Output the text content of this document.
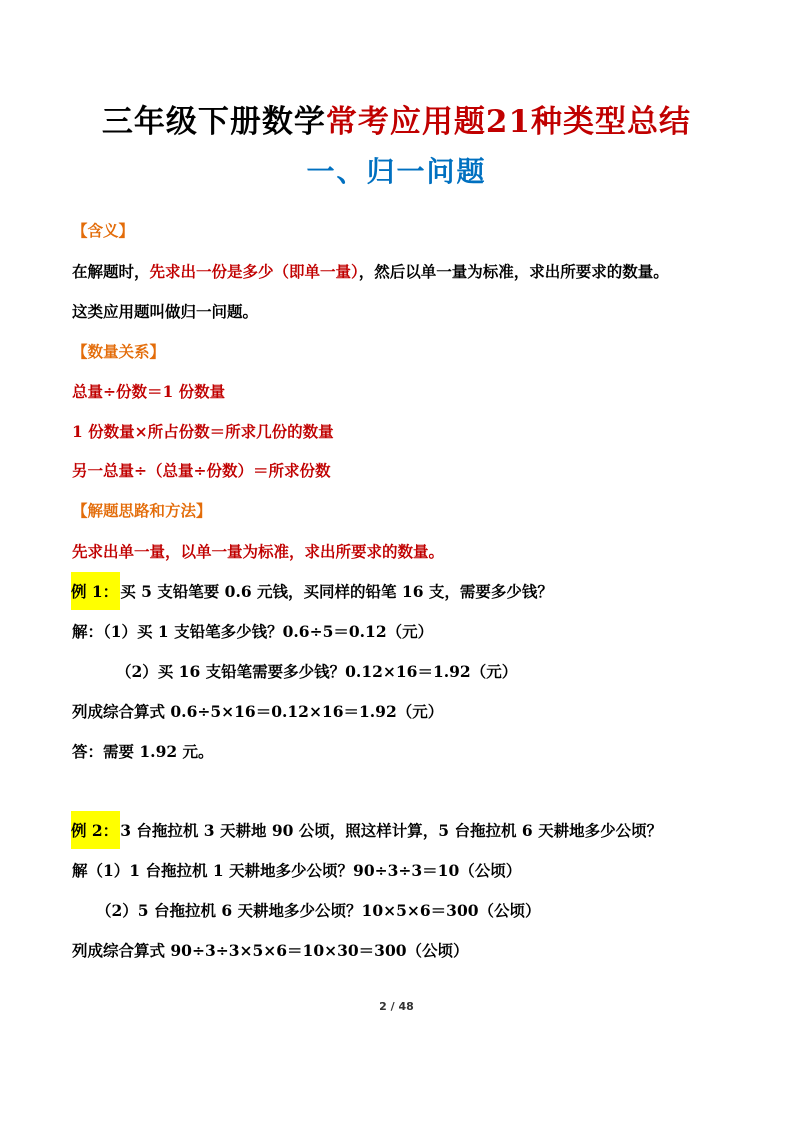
三年级下册数学常考应用题21种类型总结
一、归一问题
【含义】
在解题时，先求出一份是多少（即单一量），然后以单一量为标准，求出所要求的数量。
这类应用题叫做归一问题。
【数量关系】
总量÷份数＝1 份数量
1 份数量×所占份数＝所求几份的数量
另一总量÷（总量÷份数）＝所求份数
【解题思路和方法】
先求出单一量，以单一量为标准，求出所要求的数量。
例 1： 买 5 支铅笔要 0.6 元钱，买同样的铅笔 16 支，需要多少钱？
解：（1）买 1 支铅笔多少钱？0.6÷5＝0.12（元）
（2）买 16 支铅笔需要多少钱？0.12×16＝1.92（元）
列成综合算式 0.6÷5×16＝0.12×16＝1.92（元）
答：需要 1.92 元。
例 2： 3 台拖拉机 3 天耕地 90 公顷，照这样计算，5 台拖拉机 6 天耕地多少公顷？
解（1）1 台拖拉机 1 天耕地多少公顷？90÷3÷3＝10（公顷）
（2）5 台拖拉机 6 天耕地多少公顷？10×5×6＝300（公顷）
列成综合算式 90÷3÷3×5×6＝10×30＝300（公顷）
2 / 48
